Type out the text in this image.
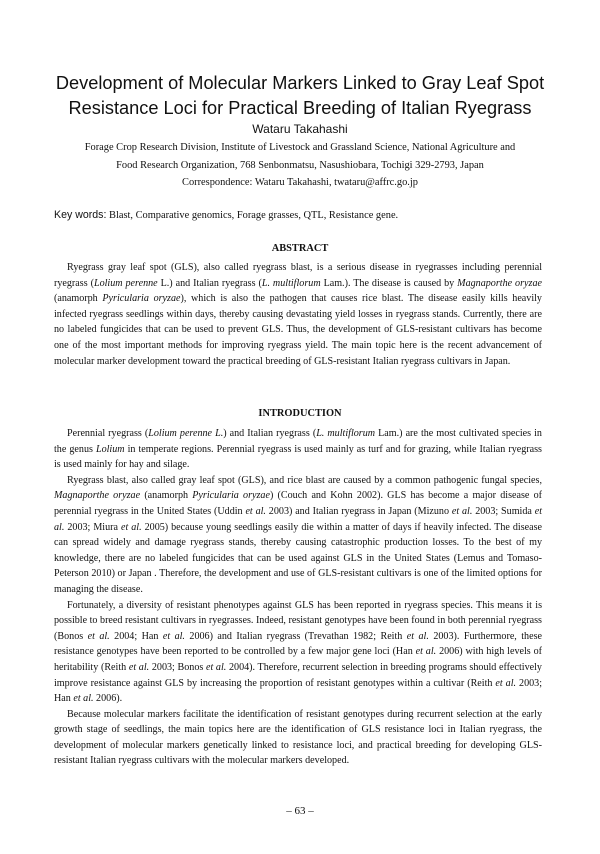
Development of Molecular Markers Linked to Gray Leaf Spot
Resistance Loci for Practical Breeding of Italian Ryegrass
Wataru Takahashi
Forage Crop Research Division, Institute of Livestock and Grassland Science, National Agriculture and
Food Research Organization, 768 Senbonmatsu, Nasushiobara, Tochigi 329-2793, Japan
Correspondence: Wataru Takahashi, twataru@affrc.go.jp
Key words: Blast, Comparative genomics, Forage grasses, QTL, Resistance gene.
ABSTRACT

Ryegrass gray leaf spot (GLS), also called ryegrass blast, is a serious disease in ryegrasses including perennial ryegrass (Lolium perenne L.) and Italian ryegrass (L. multiflorum Lam.). The disease is caused by Magnaporthe oryzae (anamorph Pyricularia oryzae), which is also the pathogen that causes rice blast. The disease easily kills heavily infected ryegrass seedlings within days, thereby causing devastating yield losses in ryegrass stands. Currently, there are no labeled fungicides that can be used to prevent GLS. Thus, the development of GLS-resistant cultivars has become one of the most important methods for improving ryegrass yield. The main topic here is the recent advancement of molecular marker development toward the practical breeding of GLS-resistant Italian ryegrass cultivars in Japan.

INTRODUCTION

Perennial ryegrass (Lolium perenne L.) and Italian ryegrass (L. multiflorum Lam.) are the most cultivated species in the genus Lolium in temperate regions. Perennial ryegrass is used mainly as turf and for grazing, while Italian ryegrass is used mainly for hay and silage.

Ryegrass blast, also called gray leaf spot (GLS), and rice blast are caused by a common pathogenic fungal species, Magnaporthe oryzae (anamorph Pyricularia oryzae) (Couch and Kohn 2002). GLS has become a major disease of perennial ryegrass in the United States (Uddin et al. 2003) and Italian ryegrass in Japan (Mizuno et al. 2003; Sumida et al. 2003; Miura et al. 2005) because young seedlings easily die within a matter of days if heavily infected. The disease can spread widely and damage ryegrass stands, thereby causing catastrophic production losses. To the best of my knowledge, there are no labeled fungicides that can be used against GLS in the United States (Lemus and Tomaso-Peterson 2010) or Japan . Therefore, the development and use of GLS-resistant cultivars is one of the limited options for managing the disease.

Fortunately, a diversity of resistant phenotypes against GLS has been reported in ryegrass species. This means it is possible to breed resistant cultivars in ryegrasses. Indeed, resistant genotypes have been found in both perennial ryegrass (Bonos et al. 2004; Han et al. 2006) and Italian ryegrass (Trevathan 1982; Reith et al. 2003). Furthermore, these resistance genotypes have been reported to be controlled by a few major gene loci (Han et al. 2006) with high levels of heritability (Reith et al. 2003; Bonos et al. 2004). Therefore, recurrent selection in breeding programs should effectively improve resistance against GLS by increasing the proportion of resistant genotypes within a cultivar (Reith et al. 2003; Han et al. 2006).

Because molecular markers facilitate the identification of resistant genotypes during recurrent selection at the early growth stage of seedlings, the main topics here are the identification of GLS resistance loci in Italian ryegrass, the development of molecular markers genetically linked to resistance loci, and practical breeding for developing GLS-resistant Italian ryegrass cultivars with the molecular markers developed.

– 63 –
